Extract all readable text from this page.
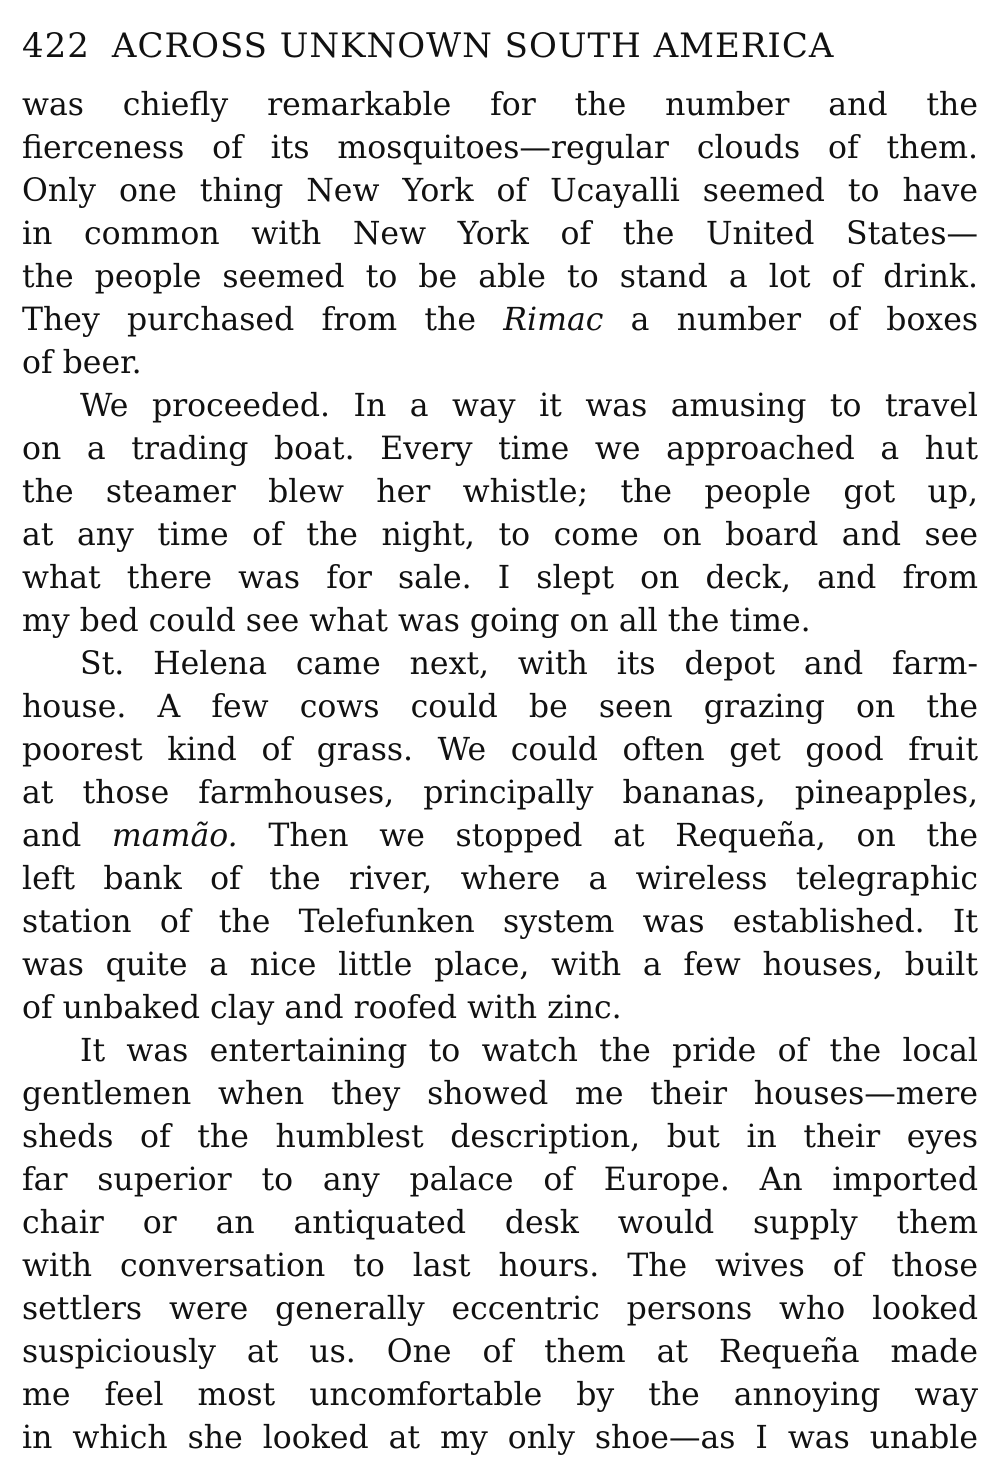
422 ACROSS UNKNOWN SOUTH AMERICA
was chiefly remarkable for the number and the
fierceness of its mosquitoes—regular clouds of them.
Only one thing New York of Ucayalli seemed to have
in common with New York of the United States—
the people seemed to be able to stand a lot of drink.
They purchased from the Rimac a number of boxes
of beer.
We proceeded. In a way it was amusing to travel
on a trading boat. Every time we approached a hut
the steamer blew her whistle; the people got up,
at any time of the night, to come on board and see
what there was for sale. I slept on deck, and from
my bed could see what was going on all the time.
St. Helena came next, with its depot and farm-
house. A few cows could be seen grazing on the
poorest kind of grass. We could often get good fruit
at those farmhouses, principally bananas, pineapples,
and mamão. Then we stopped at Requeña, on the
left bank of the river, where a wireless telegraphic
station of the Telefunken system was established. It
was quite a nice little place, with a few houses, built
of unbaked clay and roofed with zinc.
It was entertaining to watch the pride of the local
gentlemen when they showed me their houses—mere
sheds of the humblest description, but in their eyes
far superior to any palace of Europe. An imported
chair or an antiquated desk would supply them
with conversation to last hours. The wives of those
settlers were generally eccentric persons who looked
suspiciously at us. One of them at Requeña made
me feel most uncomfortable by the annoying way
in which she looked at my only shoe—as I was unable
